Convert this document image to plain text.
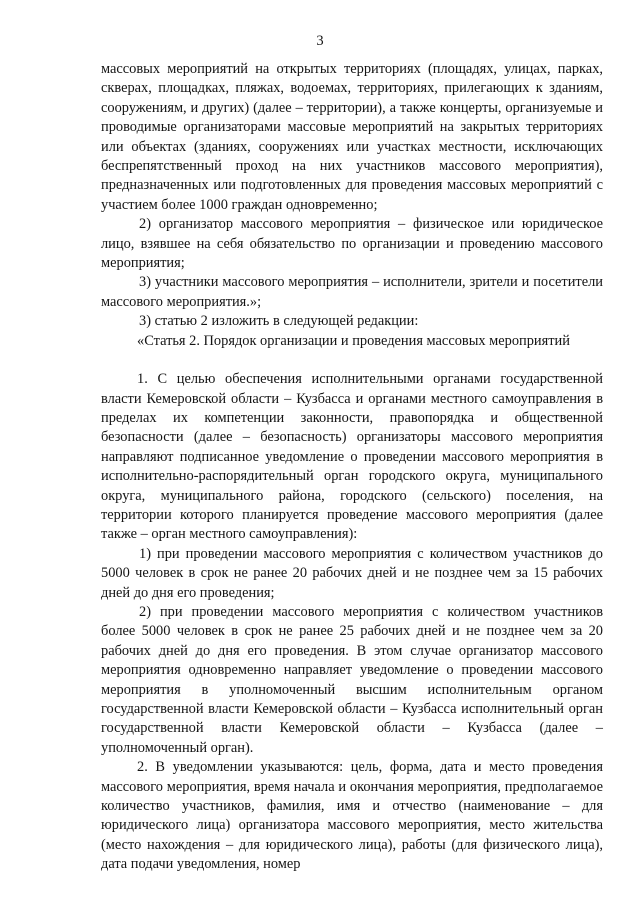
3

массовых мероприятий на открытых территориях (площадях, улицах, парках, скверах, площадках, пляжах, водоемах, территориях, прилегающих к зданиям, сооружениям, и других) (далее – территории), а также концерты, организуемые и проводимые организаторами массовые мероприятий на закрытых территориях или объектах (зданиях, сооружениях или участках местности, исключающих беспрепятственный проход на них участников массового мероприятия), предназначенных или подготовленных для проведения массовых мероприятий с участием более 1000 граждан одновременно;

2) организатор массового мероприятия – физическое или юридическое лицо, взявшее на себя обязательство по организации и проведению массового мероприятия;

3) участники массового мероприятия – исполнители, зрители и посетители массового мероприятия.»;

3) статью 2 изложить в следующей редакции:

«Статья 2. Порядок организации и проведения массовых мероприятий

1. С целью обеспечения исполнительными органами государственной власти Кемеровской области – Кузбасса и органами местного самоуправления в пределах их компетенции законности, правопорядка и общественной безопасности (далее – безопасность) организаторы массового мероприятия направляют подписанное уведомление о проведении массового мероприятия в исполнительно-распорядительный орган городского округа, муниципального округа, муниципального района, городского (сельского) поселения, на территории которого планируется проведение массового мероприятия (далее также – орган местного самоуправления):

1) при проведении массового мероприятия с количеством участников до 5000 человек в срок не ранее 20 рабочих дней и не позднее чем за 15 рабочих дней до дня его проведения;

2) при проведении массового мероприятия с количеством участников более 5000 человек в срок не ранее 25 рабочих дней и не позднее чем за 20 рабочих дней до дня его проведения. В этом случае организатор массового мероприятия одновременно направляет уведомление о проведении массового мероприятия в уполномоченный высшим исполнительным органом государственной власти Кемеровской области – Кузбасса исполнительный орган государственной власти Кемеровской области – Кузбасса (далее – уполномоченный орган).

2. В уведомлении указываются: цель, форма, дата и место проведения массового мероприятия, время начала и окончания мероприятия, предполагаемое количество участников, фамилия, имя и отчество (наименование – для юридического лица) организатора массового мероприятия, место жительства (место нахождения – для юридического лица), работы (для физического лица), дата подачи уведомления, номер
